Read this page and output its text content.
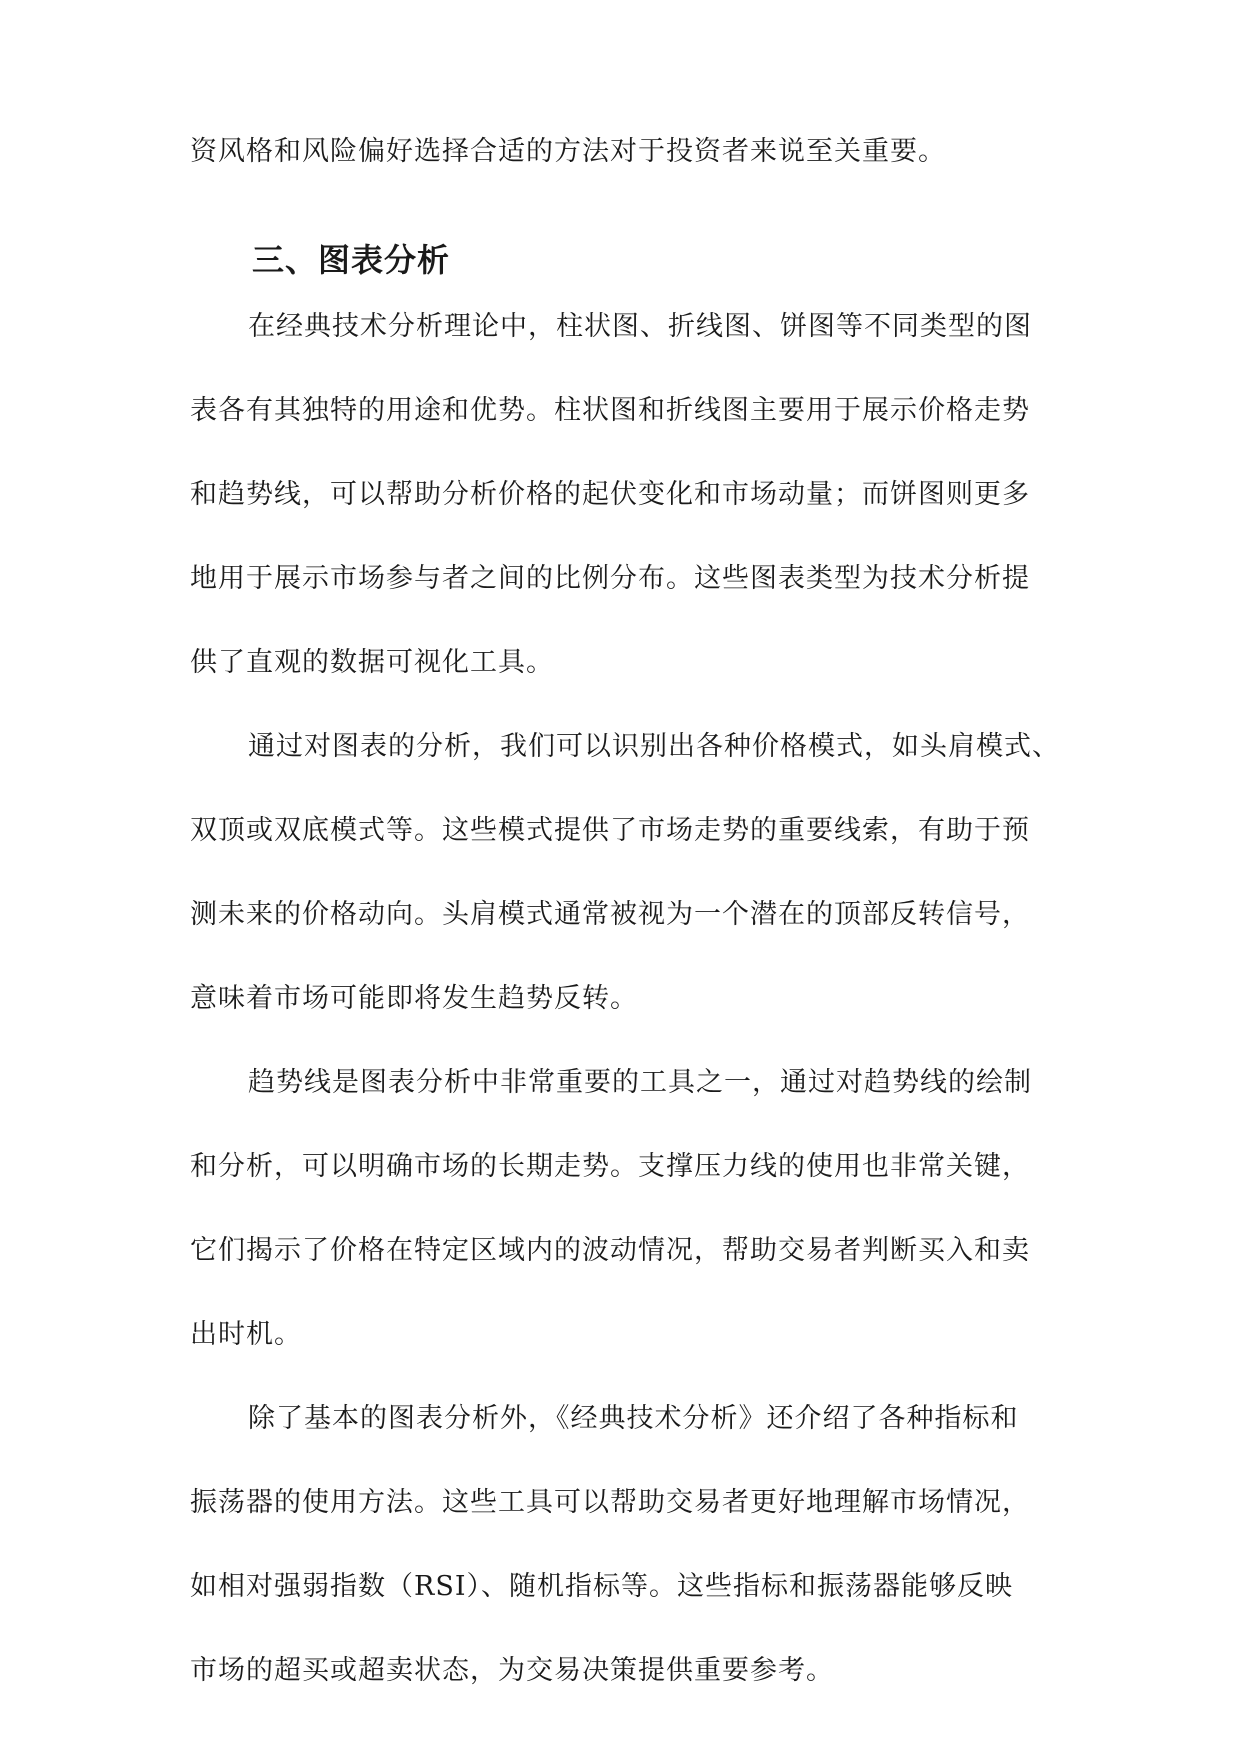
资风格和风险偏好选择合适的方法对于投资者来说至关重要。
三、图表分析
在经典技术分析理论中，柱状图、折线图、饼图等不同类型的图
表各有其独特的用途和优势。柱状图和折线图主要用于展示价格走势
和趋势线，可以帮助分析价格的起伏变化和市场动量；而饼图则更多
地用于展示市场参与者之间的比例分布。这些图表类型为技术分析提
供了直观的数据可视化工具。
通过对图表的分析，我们可以识别出各种价格模式，如头肩模式、
双顶或双底模式等。这些模式提供了市场走势的重要线索，有助于预
测未来的价格动向。头肩模式通常被视为一个潜在的顶部反转信号，
意味着市场可能即将发生趋势反转。
趋势线是图表分析中非常重要的工具之一，通过对趋势线的绘制
和分析，可以明确市场的长期走势。支撑压力线的使用也非常关键，
它们揭示了价格在特定区域内的波动情况，帮助交易者判断买入和卖
出时机。
除了基本的图表分析外，《经典技术分析》还介绍了各种指标和
振荡器的使用方法。这些工具可以帮助交易者更好地理解市场情况，
如相对强弱指数（RSI）、随机指标等。这些指标和振荡器能够反映
市场的超买或超卖状态，为交易决策提供重要参考。
